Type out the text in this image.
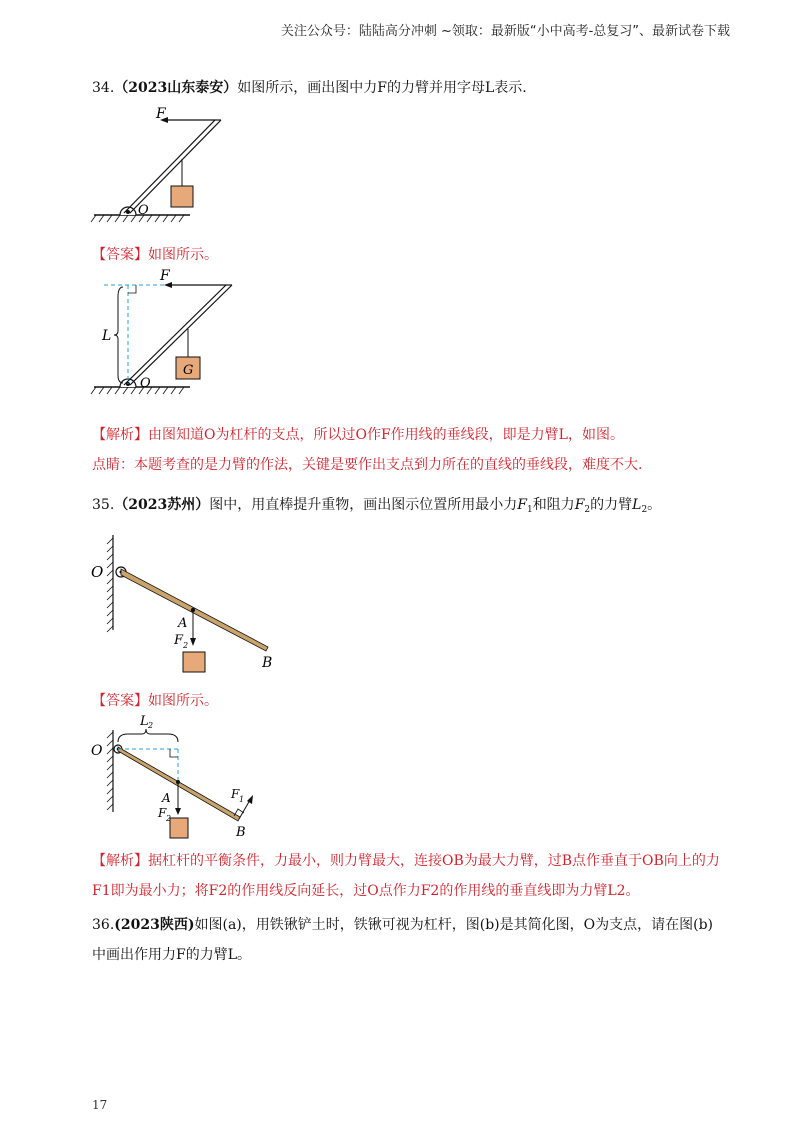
关注公众号：陆陆高分冲刺 ~领取：最新版“小中高考-总复习”、最新试卷下载
34.（2023山东泰安）如图所示，画出图中力F的力臂并用字母L表示.
F
O
【答案】如图所示。
F
L
O
G
【解析】由图知道O为杠杆的支点，所以过O作F作用线的垂线段，即是力臂L，如图。
点睛：本题考查的是力臂的作法，关键是要作出支点到力所在的直线的垂线段，难度不大.
35.（2023苏州）图中，用直棒提升重物，画出图示位置所用最小力$F_1$和阻力$F_2$的力臂$L_2$。
O
A
F 2
B
【答案】如图所示。
O
L 2
A
F 2
F 1
B
【解析】据杠杆的平衡条件，力最小，则力臂最大，连接OB为最大力臂，过B点作垂直于OB向上的力
F1即为最小力；将F2的作用线反向延长，过O点作力F2的作用线的垂直线即为力臂L2。
36.(2023陕西)如图(a)，用铁锹铲土时，铁锹可视为杠杆，图(b)是其简化图，O为支点，请在图(b)
中画出作用力F的力臂L。
17
